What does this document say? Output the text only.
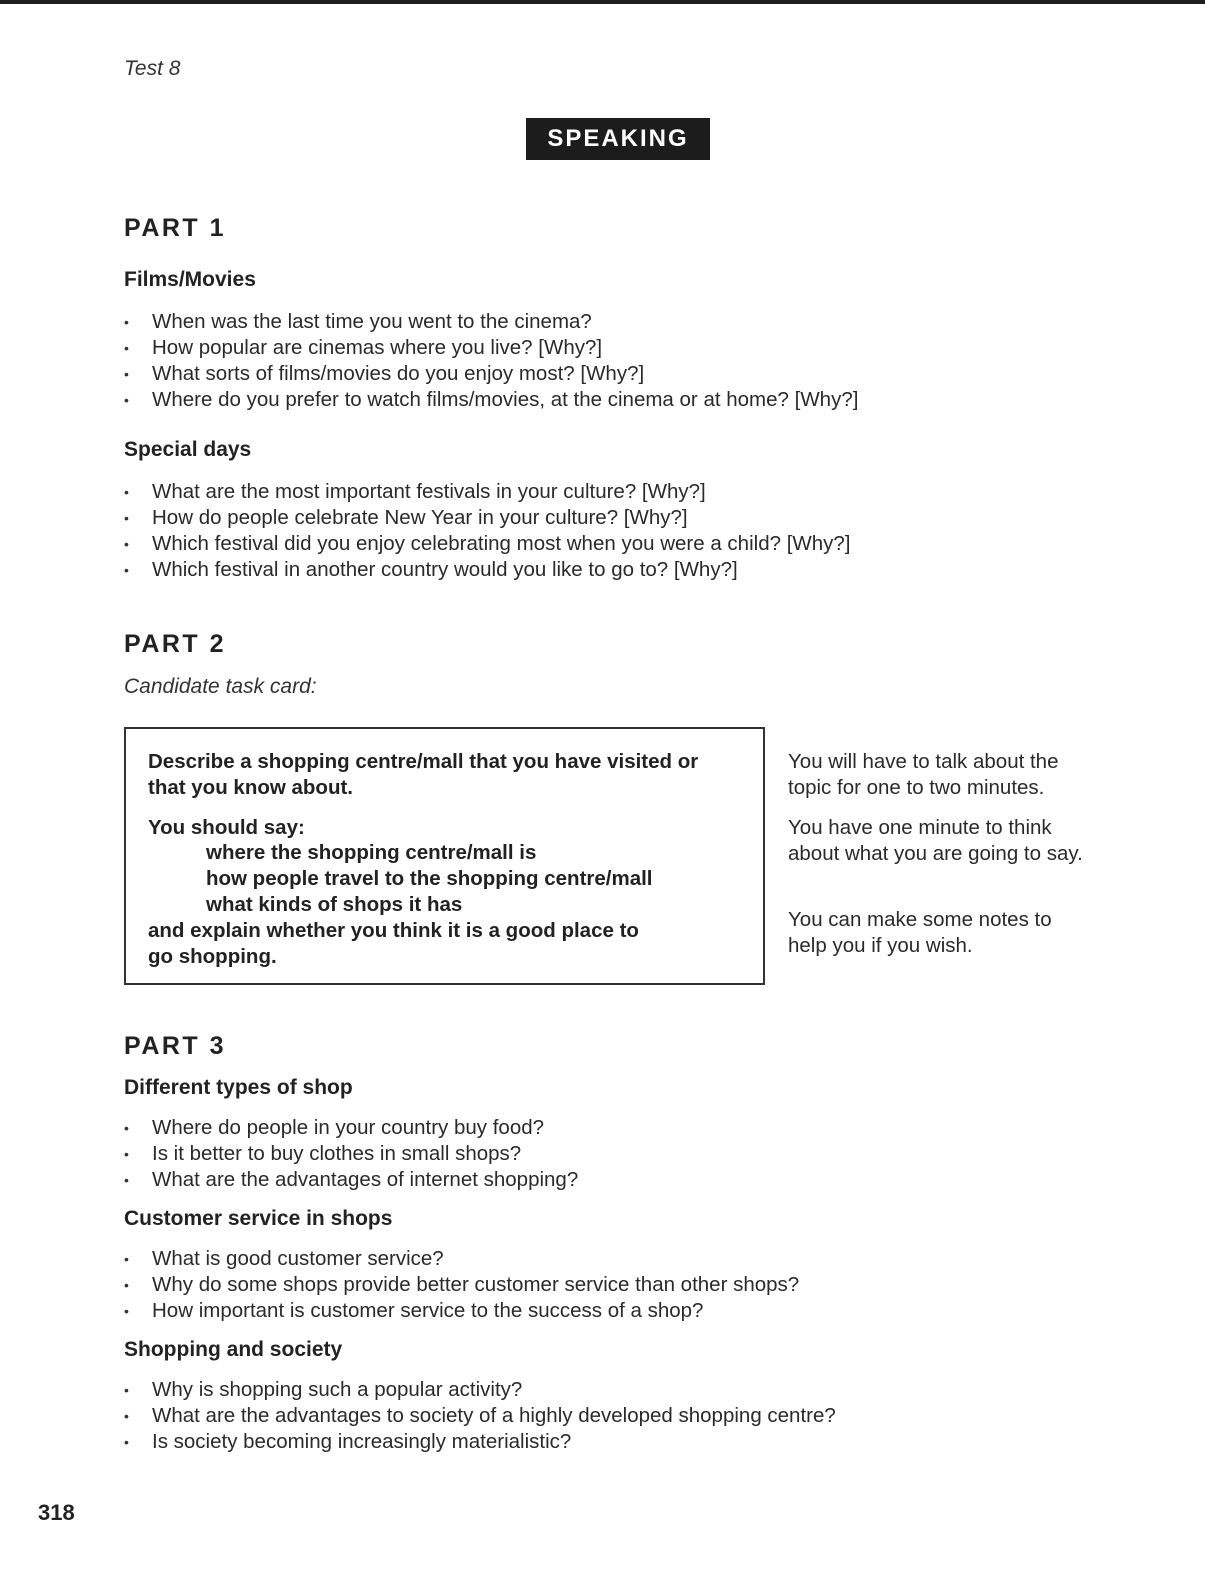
Test 8
SPEAKING
PART 1
Films/Movies
• When was the last time you went to the cinema?
• How popular are cinemas where you live? [Why?]
• What sorts of films/movies do you enjoy most? [Why?]
• Where do you prefer to watch films/movies, at the cinema or at home? [Why?]
Special days
• What are the most important festivals in your culture? [Why?]
• How do people celebrate New Year in your culture? [Why?]
• Which festival did you enjoy celebrating most when you were a child? [Why?]
• Which festival in another country would you like to go to? [Why?]
PART 2
Candidate task card:
Describe a shopping centre/mall that you have visited or
that you know about.
You should say:
where the shopping centre/mall is
how people travel to the shopping centre/mall
what kinds of shops it has
and explain whether you think it is a good place to
go shopping.
You will have to talk about the topic for one to two minutes.
You have one minute to think about what you are going to say.
You can make some notes to help you if you wish.
PART 3
Different types of shop
• Where do people in your country buy food?
• Is it better to buy clothes in small shops?
• What are the advantages of internet shopping?
Customer service in shops
• What is good customer service?
• Why do some shops provide better customer service than other shops?
• How important is customer service to the success of a shop?
Shopping and society
• Why is shopping such a popular activity?
• What are the advantages to society of a highly developed shopping centre?
• Is society becoming increasingly materialistic?
318
